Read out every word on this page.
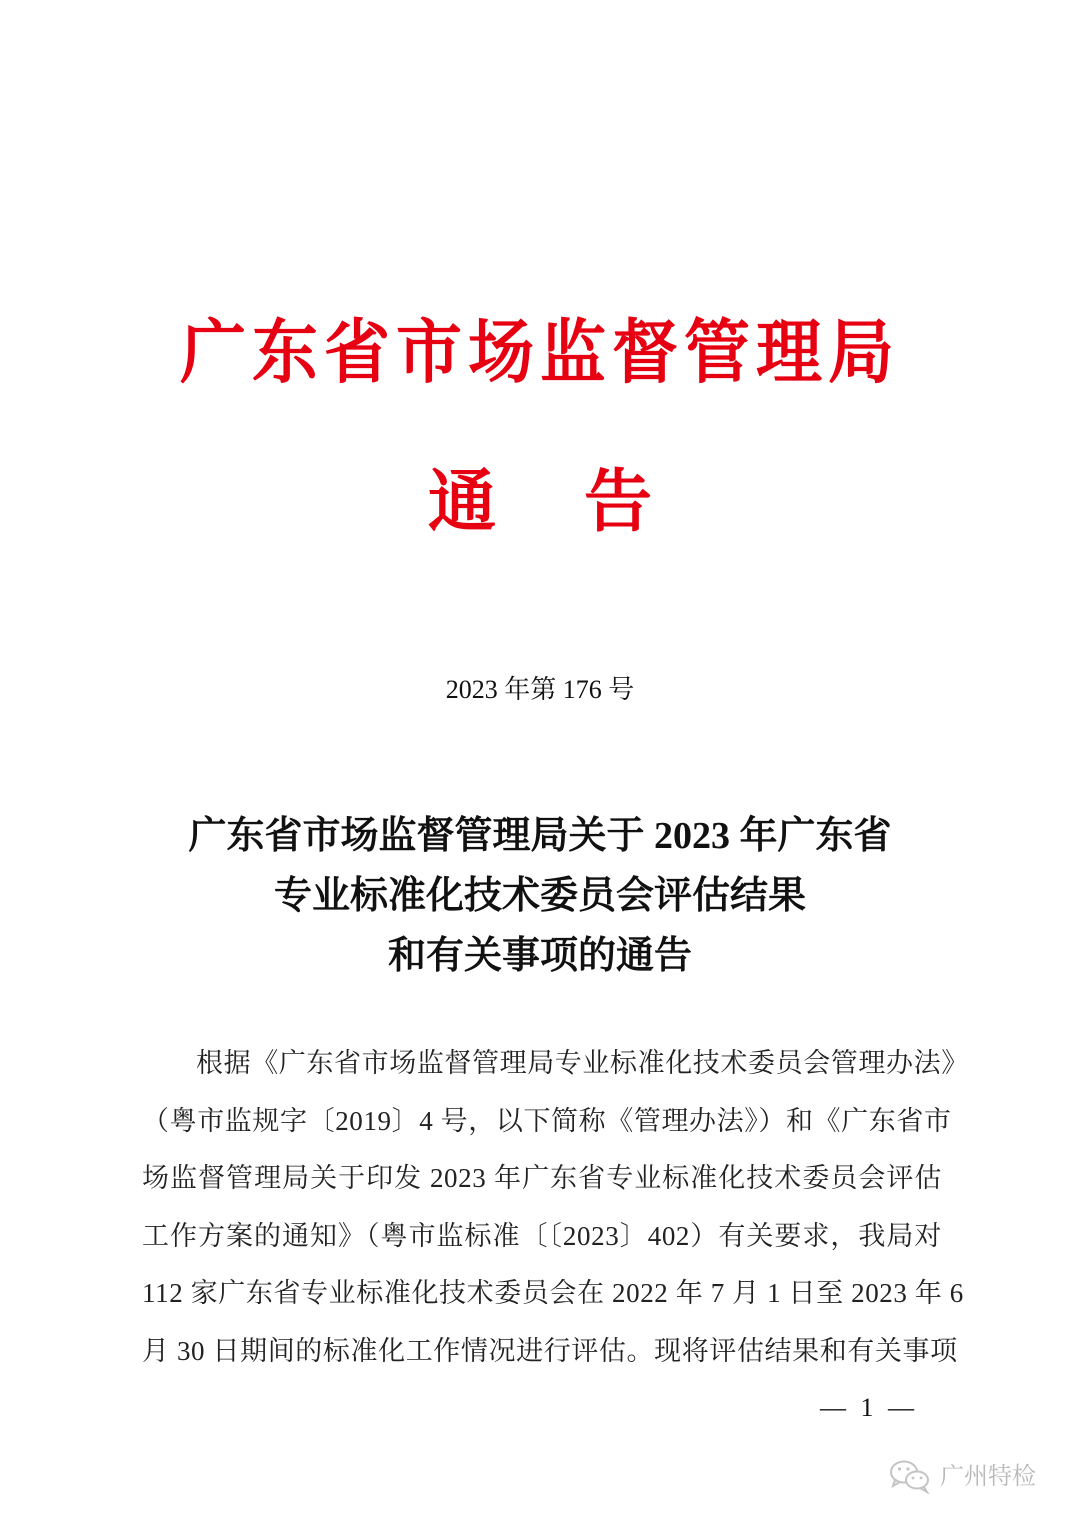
广东省市场监督管理局
通 告
2023 年第 176 号
广东省市场监督管理局关于 2023 年广东省
专业标准化技术委员会评估结果
和有关事项的通告
根据《广东省市场监督管理局专业标准化技术委员会管理办法》
（粤市监规字〔2019〕4 号，以下简称《管理办法》）和《广东省市
场监督管理局关于印发 2023 年广东省专业标准化技术委员会评估
工作方案的通知》（粤市监标准〔〔2023〕402）有关要求，我局对
112 家广东省专业标准化技术委员会在 2022 年 7 月 1 日至 2023 年 6
月 30 日期间的标准化工作情况进行评估。现将评估结果和有关事项
— 1 —
广州特检
